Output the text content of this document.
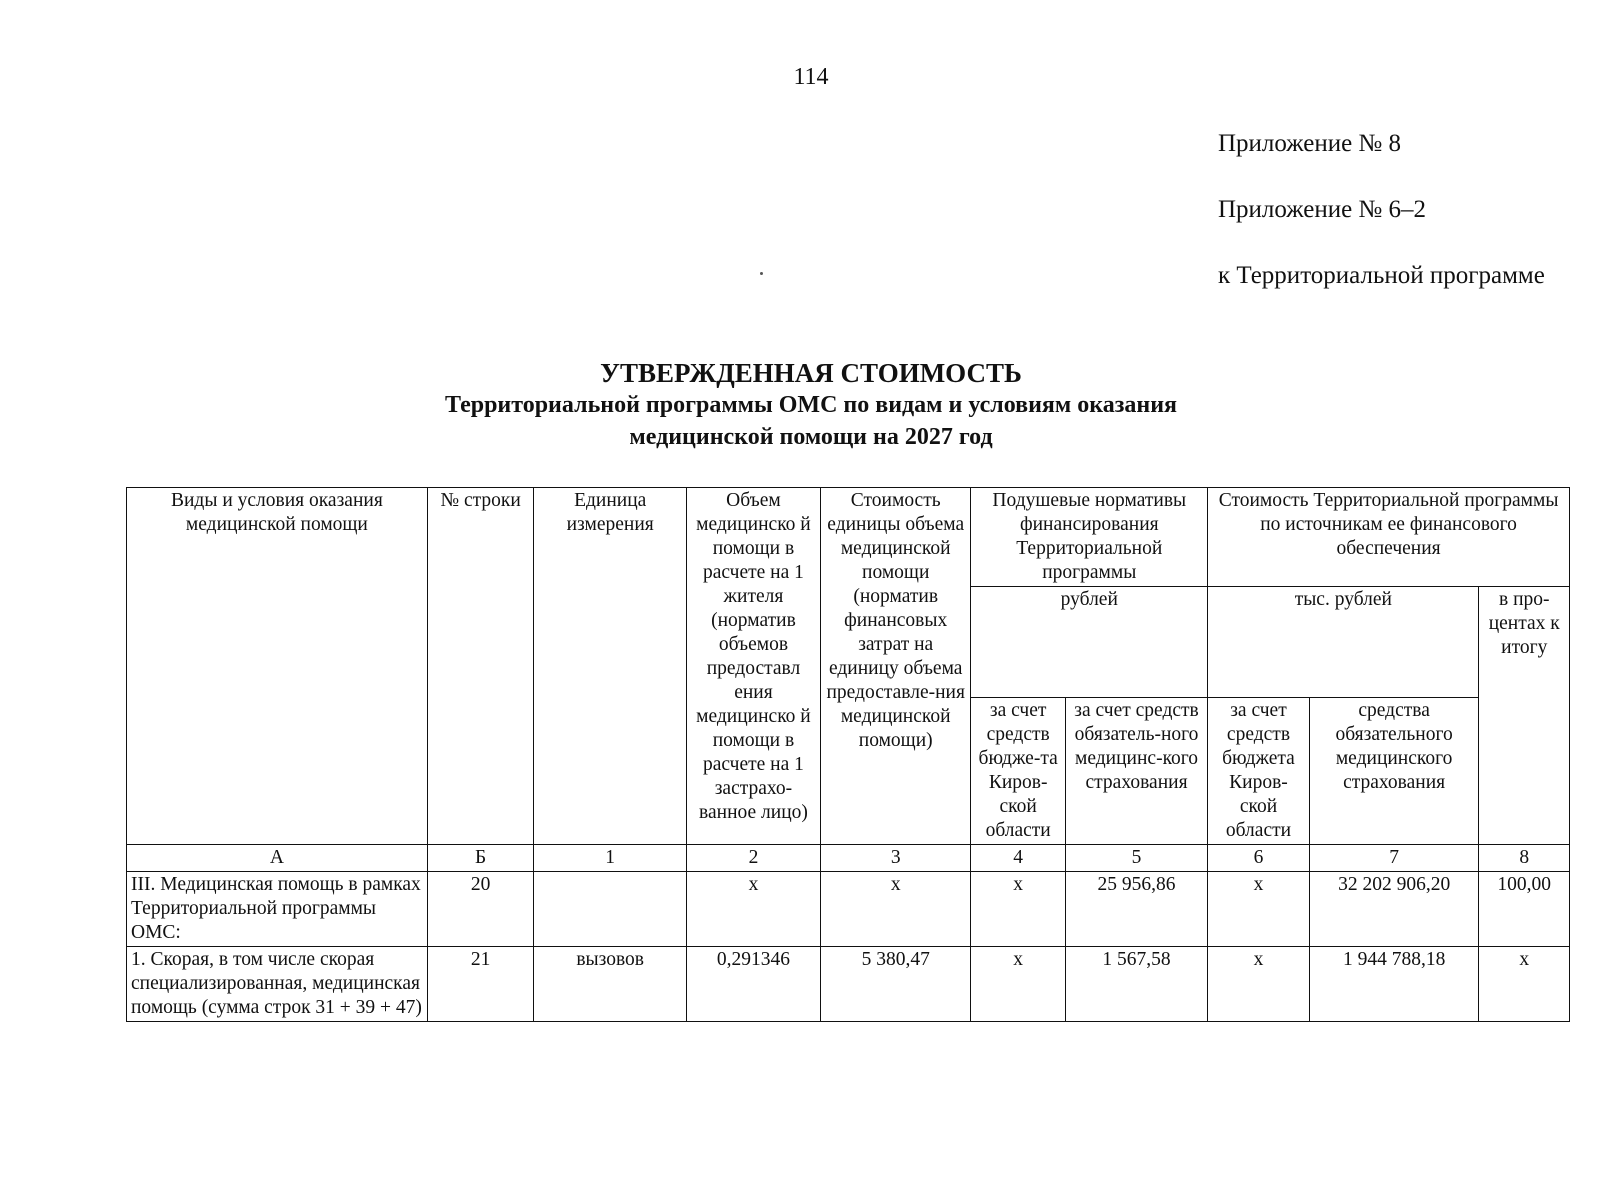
114
Приложение № 8
Приложение № 6–2
к Территориальной программе
УТВЕРЖДЕННАЯ СТОИМОСТЬ
Территориальной программы ОМС по видам и условиям оказания
медицинской помощи на 2027 год
Виды и условия оказания медицинской помощи	№ строки	Единица измерения	Объем медицинско й помощи в расчете на 1 жителя (норматив объемов предоставл ения медицинско й помощи в расчете на 1 застрахо-ванное лицо)	Стоимость единицы объема медицинской помощи (норматив финансовых затрат на единицу объема предоставле-ния медицинской помощи)	Подушевые нормативы финансирования Территориальной программы		Стоимость Территориальной программы по источникам ее финансового обеспечения		
					рублей		тыс. рублей		в про-центах к итогу
					за счет средств бюдже-та Киров-ской области	за счет средств обязатель-ного медицинс-кого страхования	за счет средств бюджета Киров-ской области	средства обязательного медицинского страхования	
А	Б	1	2	3	4	5	6	7	8
III. Медицинская помощь в рамках Территориальной программы ОМС:	20		х	х	х	25 956,86	х	32 202 906,20	100,00
1. Скорая, в том числе скорая специализированная, медицинская помощь (сумма строк 31 + 39 + 47)	21	вызовов	0,291346	5 380,47	х	1 567,58	х	1 944 788,18	х
